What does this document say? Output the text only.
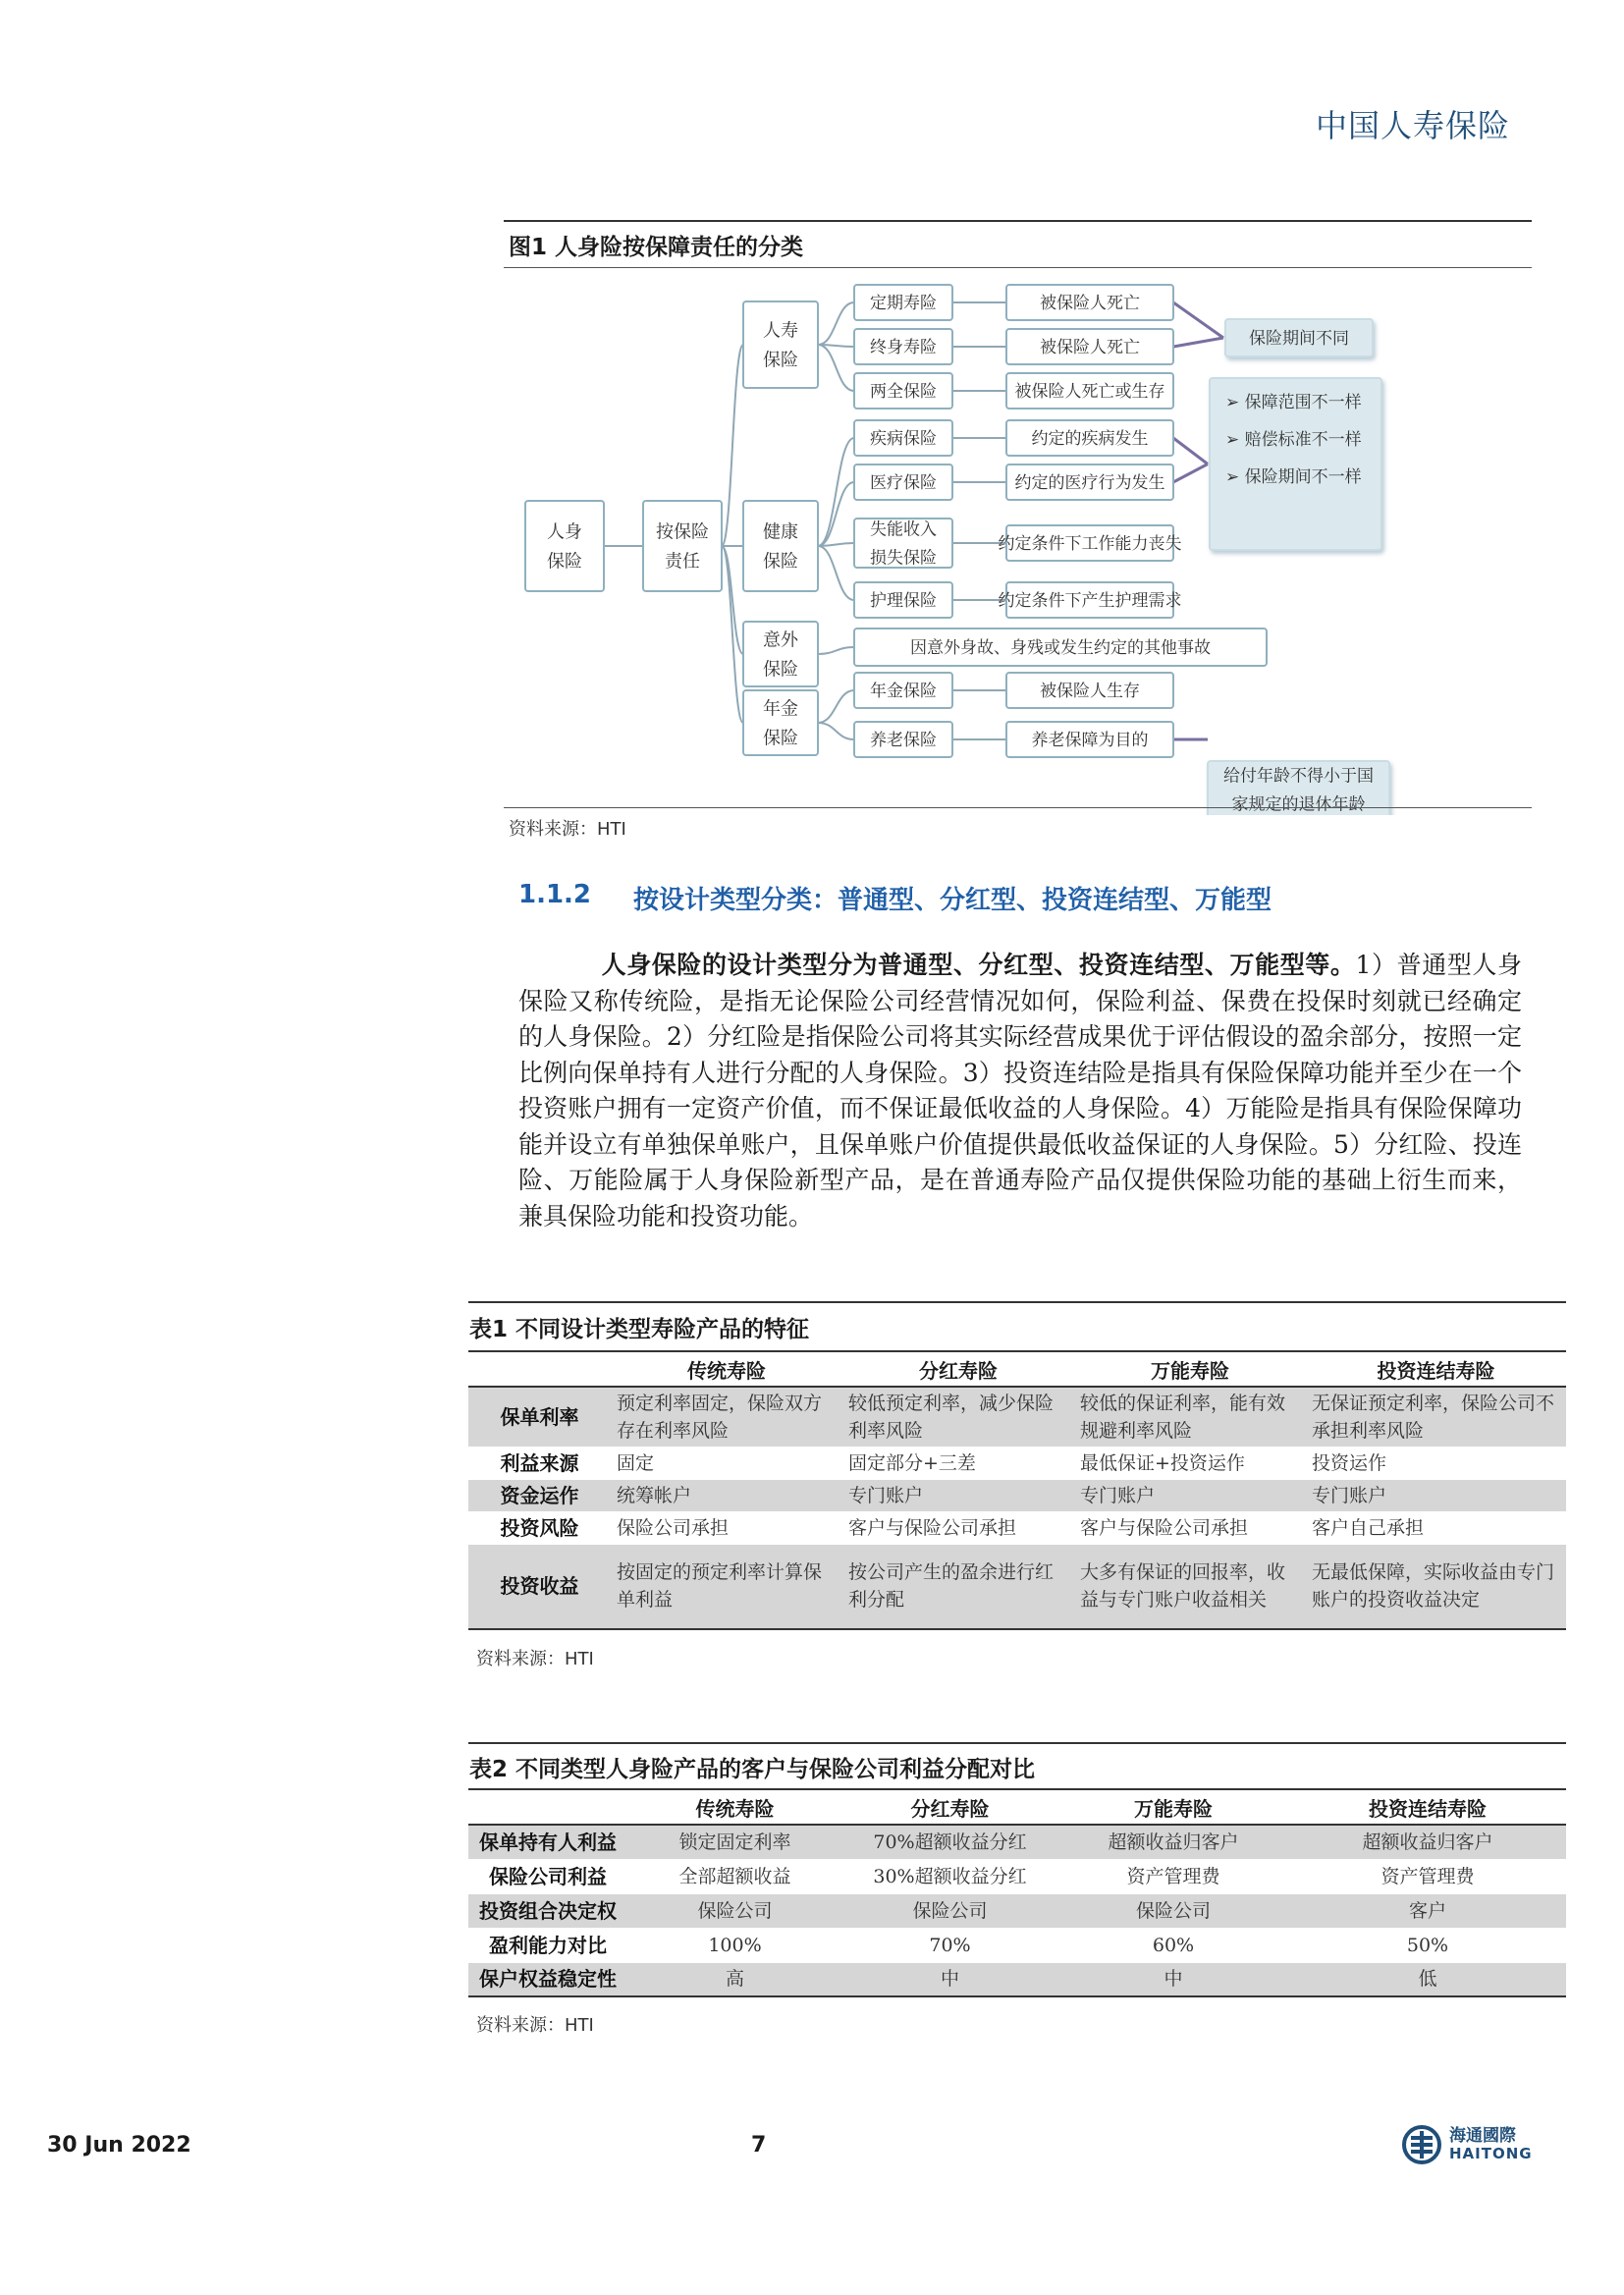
中国人寿保险
图1 人身险按保障责任的分类
人身
保险
按保险
责任
人寿
保险
健康
保险
意外
保险
年金
保险
定期寿险
终身寿险
两全保险
疾病保险
医疗保险
失能收入
损失保险
护理保险
年金保险
养老保险
因意外身故、身残或发生约定的其他事故
被保险人死亡
被保险人死亡
被保险人死亡或生存
约定的疾病发生
约定的医疗行为发生
约定条件下工作能力丧失
约定条件下产生护理需求
被保险人生存
养老保障为目的
保险期间不同
➢ 保障范围不一样
➢ 赔偿标准不一样
➢ 保险期间不一样
给付年龄不得小于国
家规定的退休年龄
资料来源：HTI
1.1.2 按设计类型分类：普通型、分红型、投资连结型、万能型
人身保险的设计类型分为普通型、分红型、投资连结型、万能型等。1）普通型人身保险又称传统险，是指无论保险公司经营情况如何，保险利益、保费在投保时刻就已经确定的人身保险。2）分红险是指保险公司将其实际经营成果优于评估假设的盈余部分，按照一定比例向保单持有人进行分配的人身保险。3）投资连结险是指具有保险保障功能并至少在一个投资账户拥有一定资产价值，而不保证最低收益的人身保险。4）万能险是指具有保险保障功能并设立有单独保单账户，且保单账户价值提供最低收益保证的人身保险。5）分红险、投连险、万能险属于人身保险新型产品，是在普通寿险产品仅提供保险功能的基础上衍生而来，兼具保险功能和投资功能。
表1 不同设计类型寿险产品的特征
	传统寿险	分红寿险	万能寿险	投资连结寿险
保单利率	预定利率固定，保险双方存在利率风险	较低预定利率，减少保险利率风险	较低的保证利率，能有效规避利率风险	无保证预定利率，保险公司不承担利率风险
利益来源	固定	固定部分+三差	最低保证+投资运作	投资运作
资金运作	统筹帐户	专门账户	专门账户	专门账户
投资风险	保险公司承担	客户与保险公司承担	客户与保险公司承担	客户自己承担
投资收益	按固定的预定利率计算保单利益	按公司产生的盈余进行红利分配	大多有保证的回报率，收益与专门账户收益相关	无最低保障，实际收益由专门账户的投资收益决定
资料来源：HTI
表2 不同类型人身险产品的客户与保险公司利益分配对比
	传统寿险	分红寿险	万能寿险	投资连结寿险
保单持有人利益	锁定固定利率	70%超额收益分红	超额收益归客户	超额收益归客户
保险公司利益	全部超额收益	30%超额收益分红	资产管理费	资产管理费
投资组合决定权	保险公司	保险公司	保险公司	客户
盈利能力对比	100%	70%	60%	50%
保户权益稳定性	高	中	中	低
资料来源：HTI
30 Jun 2022	7	海通國際
HAITONG
